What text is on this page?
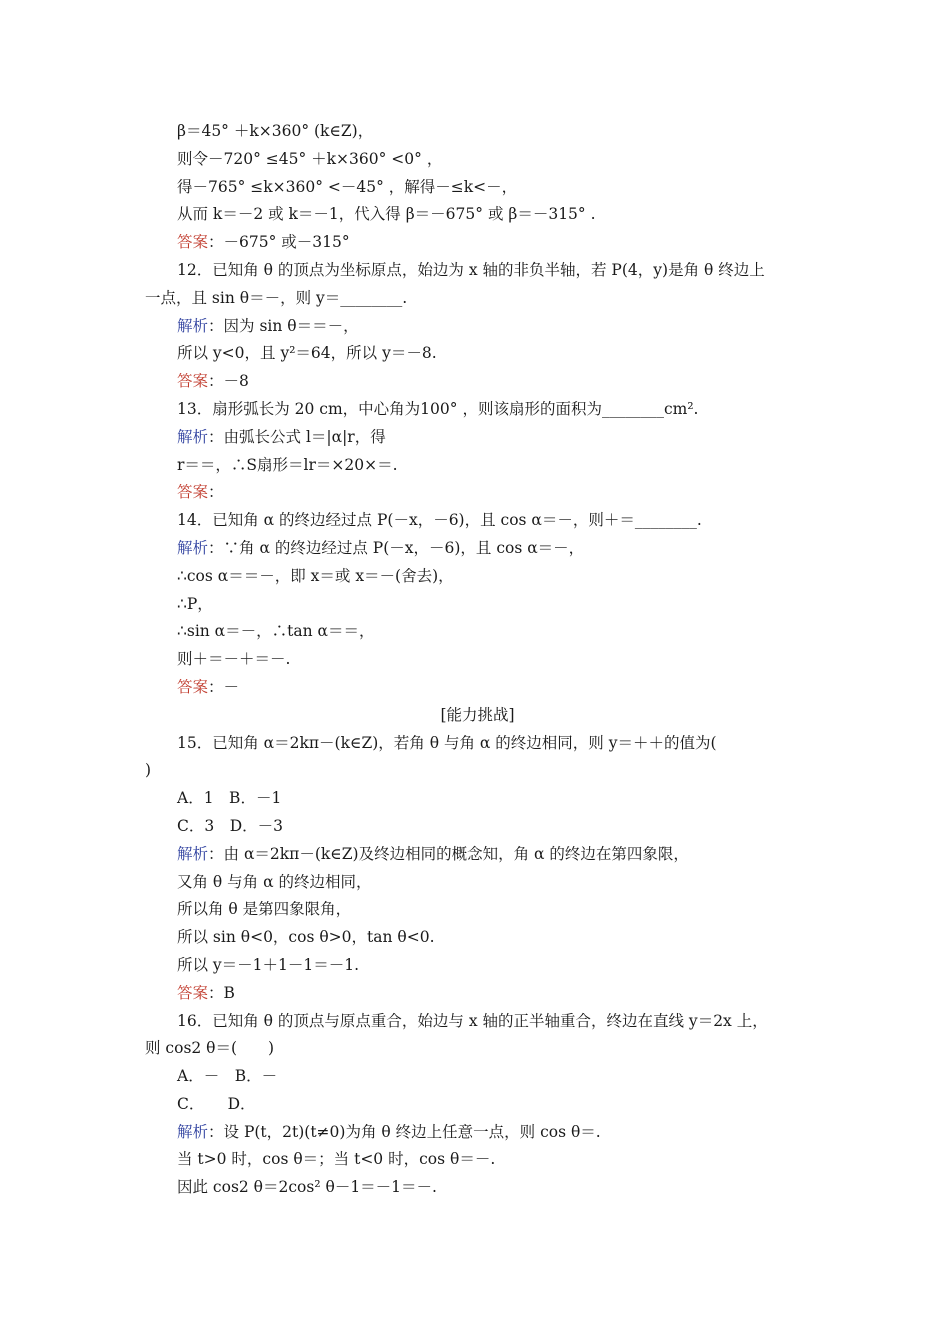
β＝45° ＋k×360° (k∈Z)，
则令－720° ≤45° ＋k×360° <0° ，
得－765° ≤k×360° <－45° ，解得－≤k<－，
从而 k＝－2 或 k＝－1，代入得 β＝－675° 或 β＝－315° .
答案：－675° 或－315°
12．已知角 θ 的顶点为坐标原点，始边为 x 轴的非负半轴，若 P(4，y)是角 θ 终边上
一点，且 sin θ＝－，则 y＝________.
解析：因为 sin θ＝＝－，
所以 y<0，且 y²＝64，所以 y＝－8.
答案：－8
13．扇形弧长为 20 cm，中心角为100° ，则该扇形的面积为________cm².
解析：由弧长公式 l＝|α|r，得
r＝＝，∴S扇形＝lr＝×20×＝.
答案：
14．已知角 α 的终边经过点 P(－x，－6)，且 cos α＝－，则＋＝________.
解析：∵角 α 的终边经过点 P(－x，－6)，且 cos α＝－，
∴cos α＝＝－，即 x＝或 x＝－(舍去)，
∴P，
∴sin α＝－，∴tan α＝＝，
则＋＝－＋＝－.
答案：－
[能力挑战]
15．已知角 α＝2kπ－(k∈Z)，若角 θ 与角 α 的终边相同，则 y＝＋＋的值为(
)
A．1　B．－1
C．3　D．－3
解析：由 α＝2kπ－(k∈Z)及终边相同的概念知，角 α 的终边在第四象限，
又角 θ 与角 α 的终边相同，
所以角 θ 是第四象限角，
所以 sin θ<0，cos θ>0，tan θ<0.
所以 y＝－1＋1－1＝－1.
答案：B
16．已知角 θ 的顶点与原点重合，始边与 x 轴的正半轴重合，终边在直线 y＝2x 上，
则 cos2 θ＝(　　)
A．－　B．－
C．　　D．
解析：设 P(t，2t)(t≠0)为角 θ 终边上任意一点，则 cos θ＝.
当 t>0 时，cos θ＝；当 t<0 时，cos θ＝－.
因此 cos2 θ＝2cos² θ－1＝－1＝－.
